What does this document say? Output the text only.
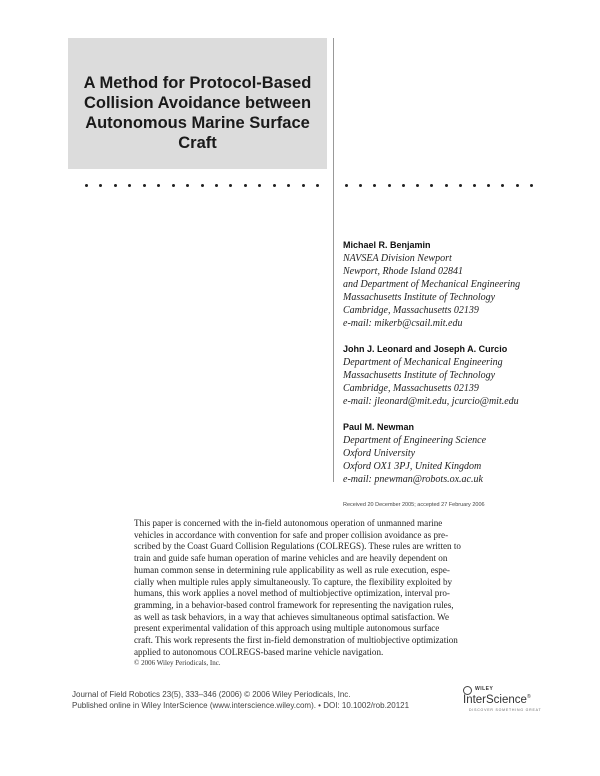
A Method for Protocol-Based
Collision Avoidance between
Autonomous Marine Surface
Craft
Michael R. Benjamin
NAVSEA Division Newport
Newport, Rhode Island 02841
and Department of Mechanical Engineering
Massachusetts Institute of Technology
Cambridge, Massachusetts 02139
e-mail: mikerb@csail.mit.edu
John J. Leonard and Joseph A. Curcio
Department of Mechanical Engineering
Massachusetts Institute of Technology
Cambridge, Massachusetts 02139
e-mail: jleonard@mit.edu, jcurcio@mit.edu
Paul M. Newman
Department of Engineering Science
Oxford University
Oxford OX1 3PJ, United Kingdom
e-mail: pnewman@robots.ox.ac.uk
Received 20 December 2005; accepted 27 February 2006
This paper is concerned with the in-field autonomous operation of unmanned marine
vehicles in accordance with convention for safe and proper collision avoidance as pre-
scribed by the Coast Guard Collision Regulations (COLREGS). These rules are written to
train and guide safe human operation of marine vehicles and are heavily dependent on
human common sense in determining rule applicability as well as rule execution, espe-
cially when multiple rules apply simultaneously. To capture, the flexibility exploited by
humans, this work applies a novel method of multiobjective optimization, interval pro-
gramming, in a behavior-based control framework for representing the navigation rules,
as well as task behaviors, in a way that achieves simultaneous optimal satisfaction. We
present experimental validation of this approach using multiple autonomous surface
craft. This work represents the first in-field demonstration of multiobjective optimization
applied to autonomous COLREGS-based marine vehicle navigation.
© 2006 Wiley Periodicals, Inc.
Journal of Field Robotics 23(5), 333–346 (2006) © 2006 Wiley Periodicals, Inc.
Published online in Wiley InterScience (www.interscience.wiley.com). • DOI: 10.1002/rob.20121
WILEY
InterScience®
DISCOVER SOMETHING GREAT
